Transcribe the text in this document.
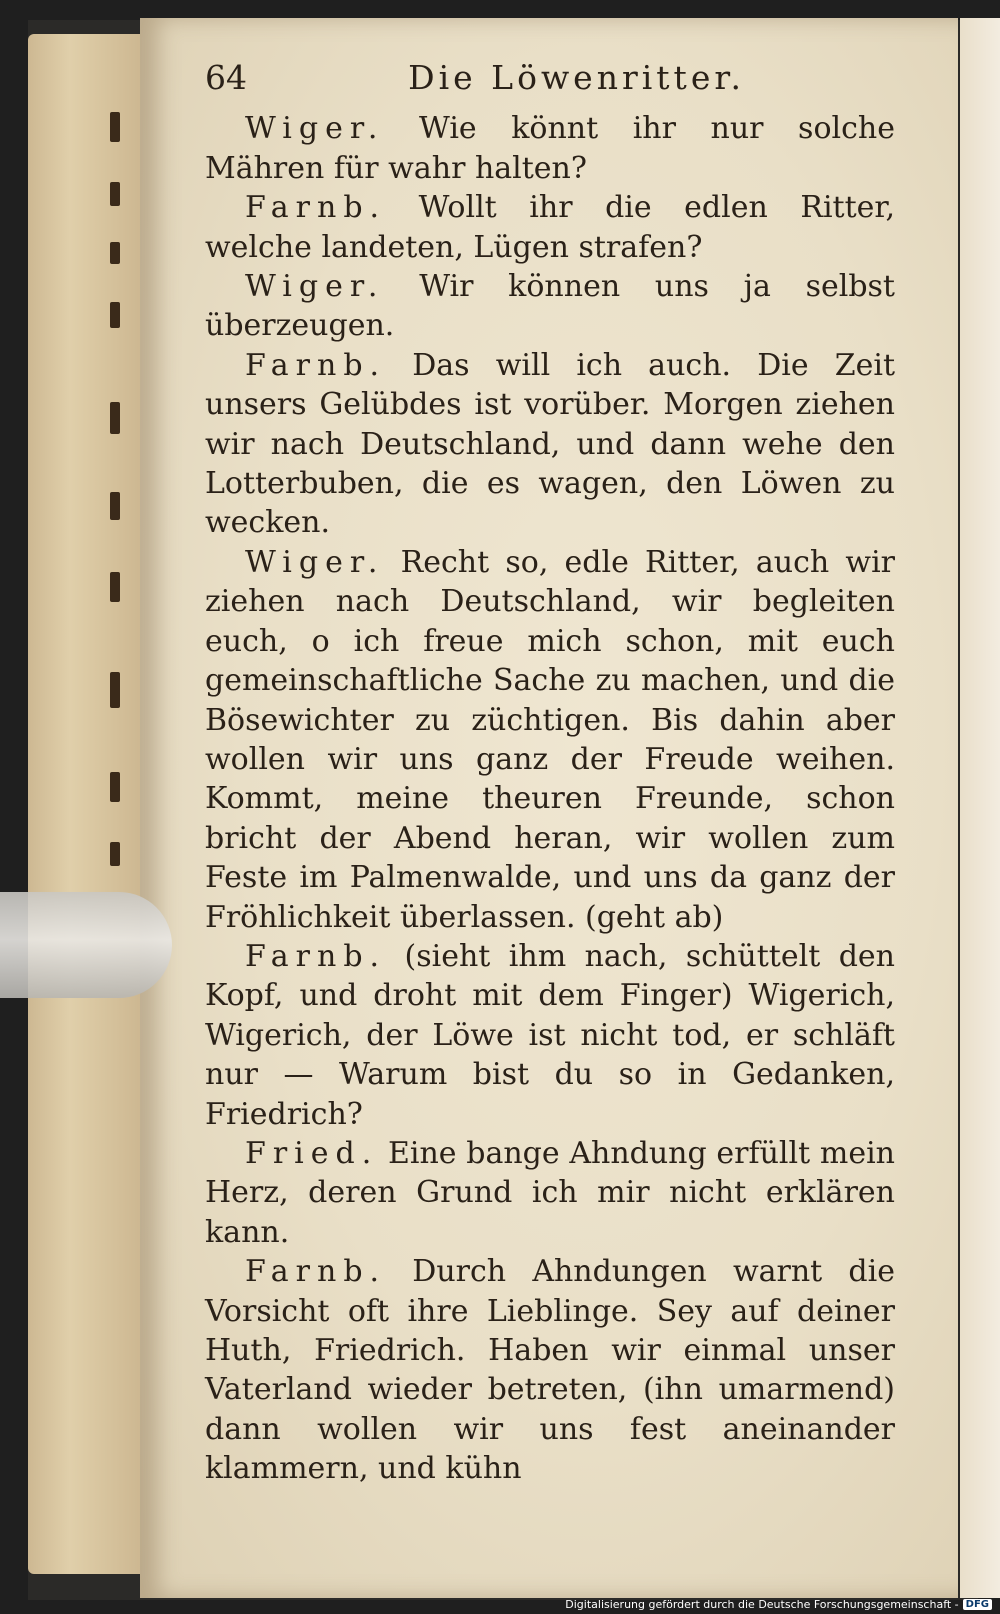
64	Die Löwenritter.

Wiger. Wie könnt ihr nur solche Mähren für wahr halten?

Farnb. Wollt ihr die edlen Ritter, welche landeten, Lügen strafen?

Wiger. Wir können uns ja selbst überzeugen.

Farnb. Das will ich auch. Die Zeit unsers Gelübdes ist vorüber. Morgen ziehen wir nach Deutschland, und dann wehe den Lotterbuben, die es wagen, den Löwen zu wecken.

Wiger. Recht so, edle Ritter, auch wir ziehen nach Deutschland, wir begleiten euch, o ich freue mich schon, mit euch gemeinschaftliche Sache zu machen, und die Bösewichter zu züchtigen. Bis dahin aber wollen wir uns ganz der Freude weihen. Kommt, meine theuren Freunde, schon bricht der Abend heran, wir wollen zum Feste im Palmenwalde, und uns da ganz der Fröhlichkeit überlassen. (geht ab)

Farnb. (sieht ihm nach, schüttelt den Kopf, und droht mit dem Finger) Wigerich, Wigerich, der Löwe ist nicht tod, er schläft nur — Warum bist du so in Gedanken, Friedrich?

Fried. Eine bange Ahndung erfüllt mein Herz, deren Grund ich mir nicht erklären kann.

Farnb. Durch Ahndungen warnt die Vorsicht oft ihre Lieblinge. Sey auf deiner Huth, Friedrich. Haben wir einmal unser Vaterland wieder betreten, (ihn umarmend) dann wollen wir uns fest aneinander klammern, und kühn

Digitalisierung gefördert durch die Deutsche Forschungsgemeinschaft - DFG
